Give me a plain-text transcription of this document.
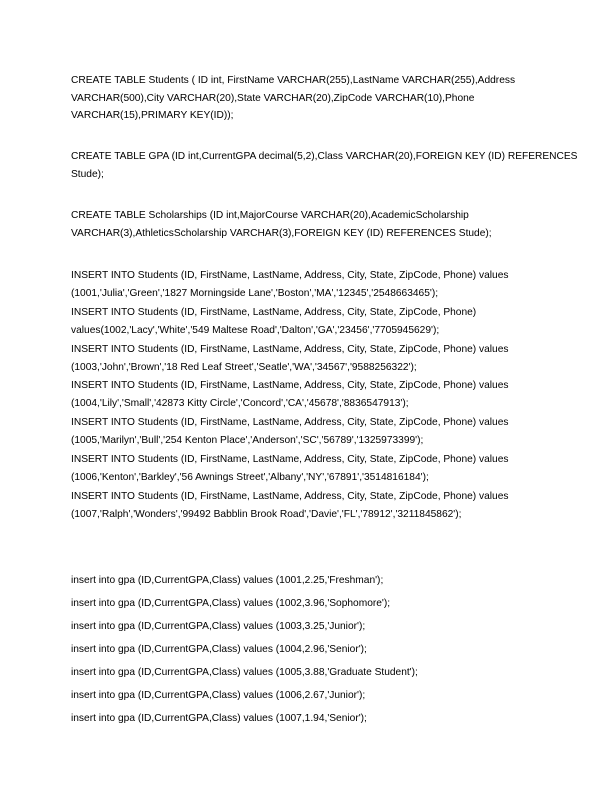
CREATE TABLE Students ( ID int, FirstName VARCHAR(255),LastName VARCHAR(255),Address
VARCHAR(500),City VARCHAR(20),State VARCHAR(20),ZipCode VARCHAR(10),Phone
VARCHAR(15),PRIMARY KEY(ID));

CREATE TABLE GPA (ID int,CurrentGPA decimal(5,2),Class VARCHAR(20),FOREIGN KEY (ID) REFERENCES
Stude);

CREATE TABLE Scholarships (ID int,MajorCourse VARCHAR(20),AcademicScholarship
VARCHAR(3),AthleticsScholarship VARCHAR(3),FOREIGN KEY (ID) REFERENCES Stude);

INSERT INTO Students (ID, FirstName, LastName, Address, City, State, ZipCode, Phone) values
(1001,'Julia','Green','1827 Morningside Lane','Boston','MA','12345','2548663465');

INSERT INTO Students (ID, FirstName, LastName, Address, City, State, ZipCode, Phone)
values(1002,'Lacy','White','549 Maltese Road','Dalton','GA','23456','7705945629');

INSERT INTO Students (ID, FirstName, LastName, Address, City, State, ZipCode, Phone) values
(1003,'John','Brown','18 Red Leaf Street','Seatle','WA','34567','9588256322');

INSERT INTO Students (ID, FirstName, LastName, Address, City, State, ZipCode, Phone) values
(1004,'Lily','Small','42873 Kitty Circle','Concord','CA','45678','8836547913');

INSERT INTO Students (ID, FirstName, LastName, Address, City, State, ZipCode, Phone) values
(1005,'Marilyn','Bull','254 Kenton Place','Anderson','SC','56789','1325973399');

INSERT INTO Students (ID, FirstName, LastName, Address, City, State, ZipCode, Phone) values
(1006,'Kenton','Barkley','56 Awnings Street','Albany','NY','67891','3514816184');

INSERT INTO Students (ID, FirstName, LastName, Address, City, State, ZipCode, Phone) values
(1007,'Ralph','Wonders','99492 Babblin Brook Road','Davie','FL','78912','3211845862');

insert into gpa (ID,CurrentGPA,Class) values (1001,2.25,'Freshman');

insert into gpa (ID,CurrentGPA,Class) values (1002,3.96,'Sophomore');

insert into gpa (ID,CurrentGPA,Class) values (1003,3.25,'Junior');

insert into gpa (ID,CurrentGPA,Class) values (1004,2.96,'Senior');

insert into gpa (ID,CurrentGPA,Class) values (1005,3.88,'Graduate Student');

insert into gpa (ID,CurrentGPA,Class) values (1006,2.67,'Junior');

insert into gpa (ID,CurrentGPA,Class) values (1007,1.94,'Senior');
